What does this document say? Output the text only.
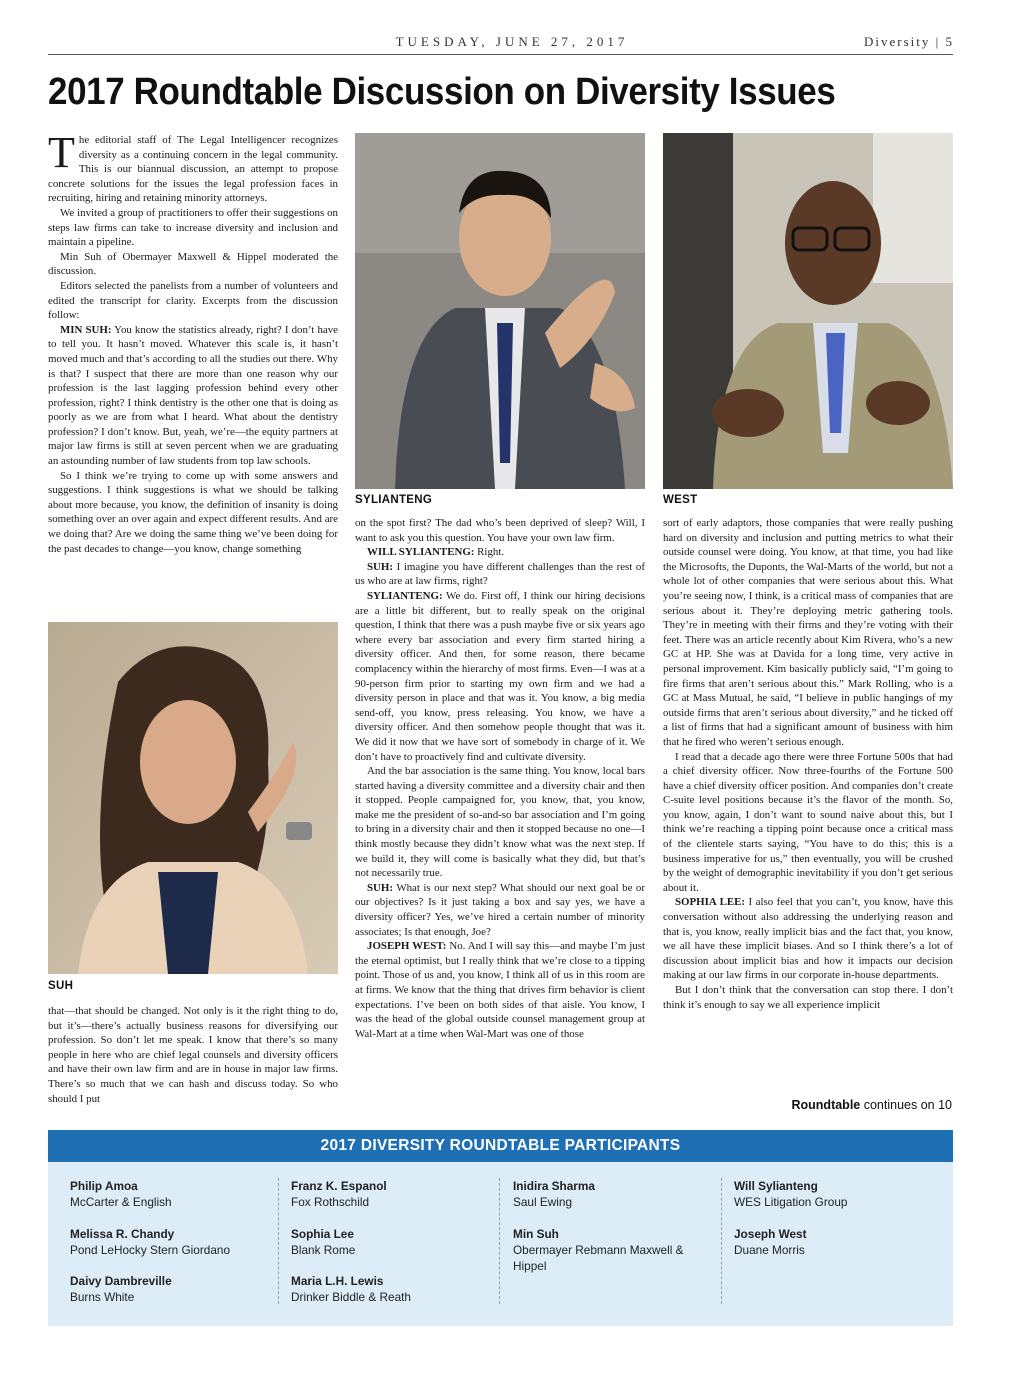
TUESDAY, JUNE 27, 2017	Diversity | 5
2017 Roundtable Discussion on Diversity Issues

The editorial staff of The Legal Intelligencer recognizes diversity as a continuing concern in the legal community. This is our biannual discussion, an attempt to propose concrete solutions for the issues the legal profession faces in recruiting, hiring and retaining minority attorneys.

We invited a group of practitioners to offer their suggestions on steps law firms can take to increase diversity and inclusion and maintain a pipeline.

Min Suh of Obermayer Maxwell & Hippel moderated the discussion.

Editors selected the panelists from a number of volunteers and edited the transcript for clarity. Excerpts from the discussion follow:

MIN SUH: You know the statistics already, right? I don’t have to tell you. It hasn’t moved. Whatever this scale is, it hasn’t moved much and that’s according to all the studies out there. Why is that? I suspect that there are more than one reason why our profession is the last lagging profession behind every other profession, right? I think dentistry is the other one that is doing as poorly as we are from what I heard. What about the dentistry profession? I don’t know. But, yeah, we’re—the equity partners at major law firms is still at seven percent when we are graduating an astounding number of law students from top law schools.

So I think we’re trying to come up with some answers and suggestions. I think suggestions is what we should be talking about more because, you know, the definition of insanity is doing something over an over again and expect different results. And are we doing that? Are we doing the same thing we’ve been doing for the past decades to change—you know, change something

SUH

that—that should be changed. Not only is it the right thing to do, but it’s—there’s actually business reasons for diversifying our profession. So don’t let me speak. I know that there’s so many people in here who are chief legal counsels and diversity officers and have their own law firm and are in house in major law firms. There’s so much that we can hash and discuss today. So who should I put

SYLIANTENG	WEST

on the spot first? The dad who’s been deprived of sleep? Will, I want to ask you this question. You have your own law firm.

WILL SYLIANTENG: Right.

SUH: I imagine you have different challenges than the rest of us who are at law firms, right?

SYLIANTENG: We do. First off, I think our hiring decisions are a little bit different, but to really speak on the original question, I think that there was a push maybe five or six years ago where every bar association and every firm started hiring a diversity officer. And then, for some reason, there became complacency within the hierarchy of most firms. Even—I was at a 90-person firm prior to starting my own firm and we had a diversity person in place and that was it. You know, a big media send-off, you know, press releasing. You know, we have a diversity officer. And then somehow people thought that was it. We did it now that we have sort of somebody in charge of it. We don’t have to proactively find and cultivate diversity.

And the bar association is the same thing. You know, local bars started having a diversity committee and a diversity chair and then it stopped. People campaigned for, you know, that, you know, make me the president of so-and-so bar association and I’m going to bring in a diversity chair and then it stopped because no one—I think mostly because they didn’t know what was the next step. If we build it, they will come is basically what they did, but that’s not necessarily true.

SUH: What is our next step? What should our next goal be or our objectives? Is it just taking a box and say yes, we have a diversity officer? Yes, we’ve hired a certain number of minority associates; Is that enough, Joe?

JOSEPH WEST: No. And I will say this—and maybe I’m just the eternal optimist, but I really think that we’re close to a tipping point. Those of us and, you know, I think all of us in this room are at firms. We know that the thing that drives firm behavior is client expectations. I’ve been on both sides of that aisle. You know, I was the head of the global outside counsel management group at Wal-Mart at a time when Wal-Mart was one of those

sort of early adaptors, those companies that were really pushing hard on diversity and inclusion and putting metrics to what their outside counsel were doing. You know, at that time, you had like the Microsofts, the Duponts, the Wal-Marts of the world, but not a whole lot of other companies that were serious about this. What you’re seeing now, I think, is a critical mass of companies that are serious about it. They’re deploying metric gathering tools. They’re in meeting with their firms and they’re voting with their feet. There was an article recently about Kim Rivera, who’s a new GC at HP. She was at Davida for a long time, very active in personal improvement. Kim basically publicly said, “I’m going to fire firms that aren’t serious about this.” Mark Rolling, who is a GC at Mass Mutual, he said, “I believe in public hangings of my outside firms that aren’t serious about diversity,” and he ticked off a list of firms that had a significant amount of business with him that he fired who weren’t serious enough.

I read that a decade ago there were three Fortune 500s that had a chief diversity officer. Now three-fourths of the Fortune 500 have a chief diversity officer position. And companies don’t create C-suite level positions because it’s the flavor of the month. So, you know, again, I don’t want to sound naive about this, but I think we’re reaching a tipping point because once a critical mass of the clientele starts saying, “You have to do this; this is a business imperative for us,” then eventually, you will be crushed by the weight of demographic inevitability if you don’t get serious about it.

SOPHIA LEE: I also feel that you can’t, you know, have this conversation without also addressing the underlying reason and that is, you know, really implicit bias and the fact that, you know, we all have these implicit biases. And so I think there’s a lot of discussion about implicit bias and how it impacts our decision making at our law firms in our corporate in-house departments.

But I don’t think that the conversation can stop there. I don’t think it’s enough to say we all experience implicit

Roundtable continues on 10
2017 DIVERSITY ROUNDTABLE PARTICIPANTS
Philip Amoa
McCarter & English
Melissa R. Chandy
Pond LeHocky Stern Giordano
Daivy Dambreville
Burns White
Franz K. Espanol
Fox Rothschild
Sophia Lee
Blank Rome
Maria L.H. Lewis
Drinker Biddle & Reath
Inidira Sharma
Saul Ewing
Min Suh
Obermayer Rebmann Maxwell & Hippel
Will Sylianteng
WES Litigation Group
Joseph West
Duane Morris
